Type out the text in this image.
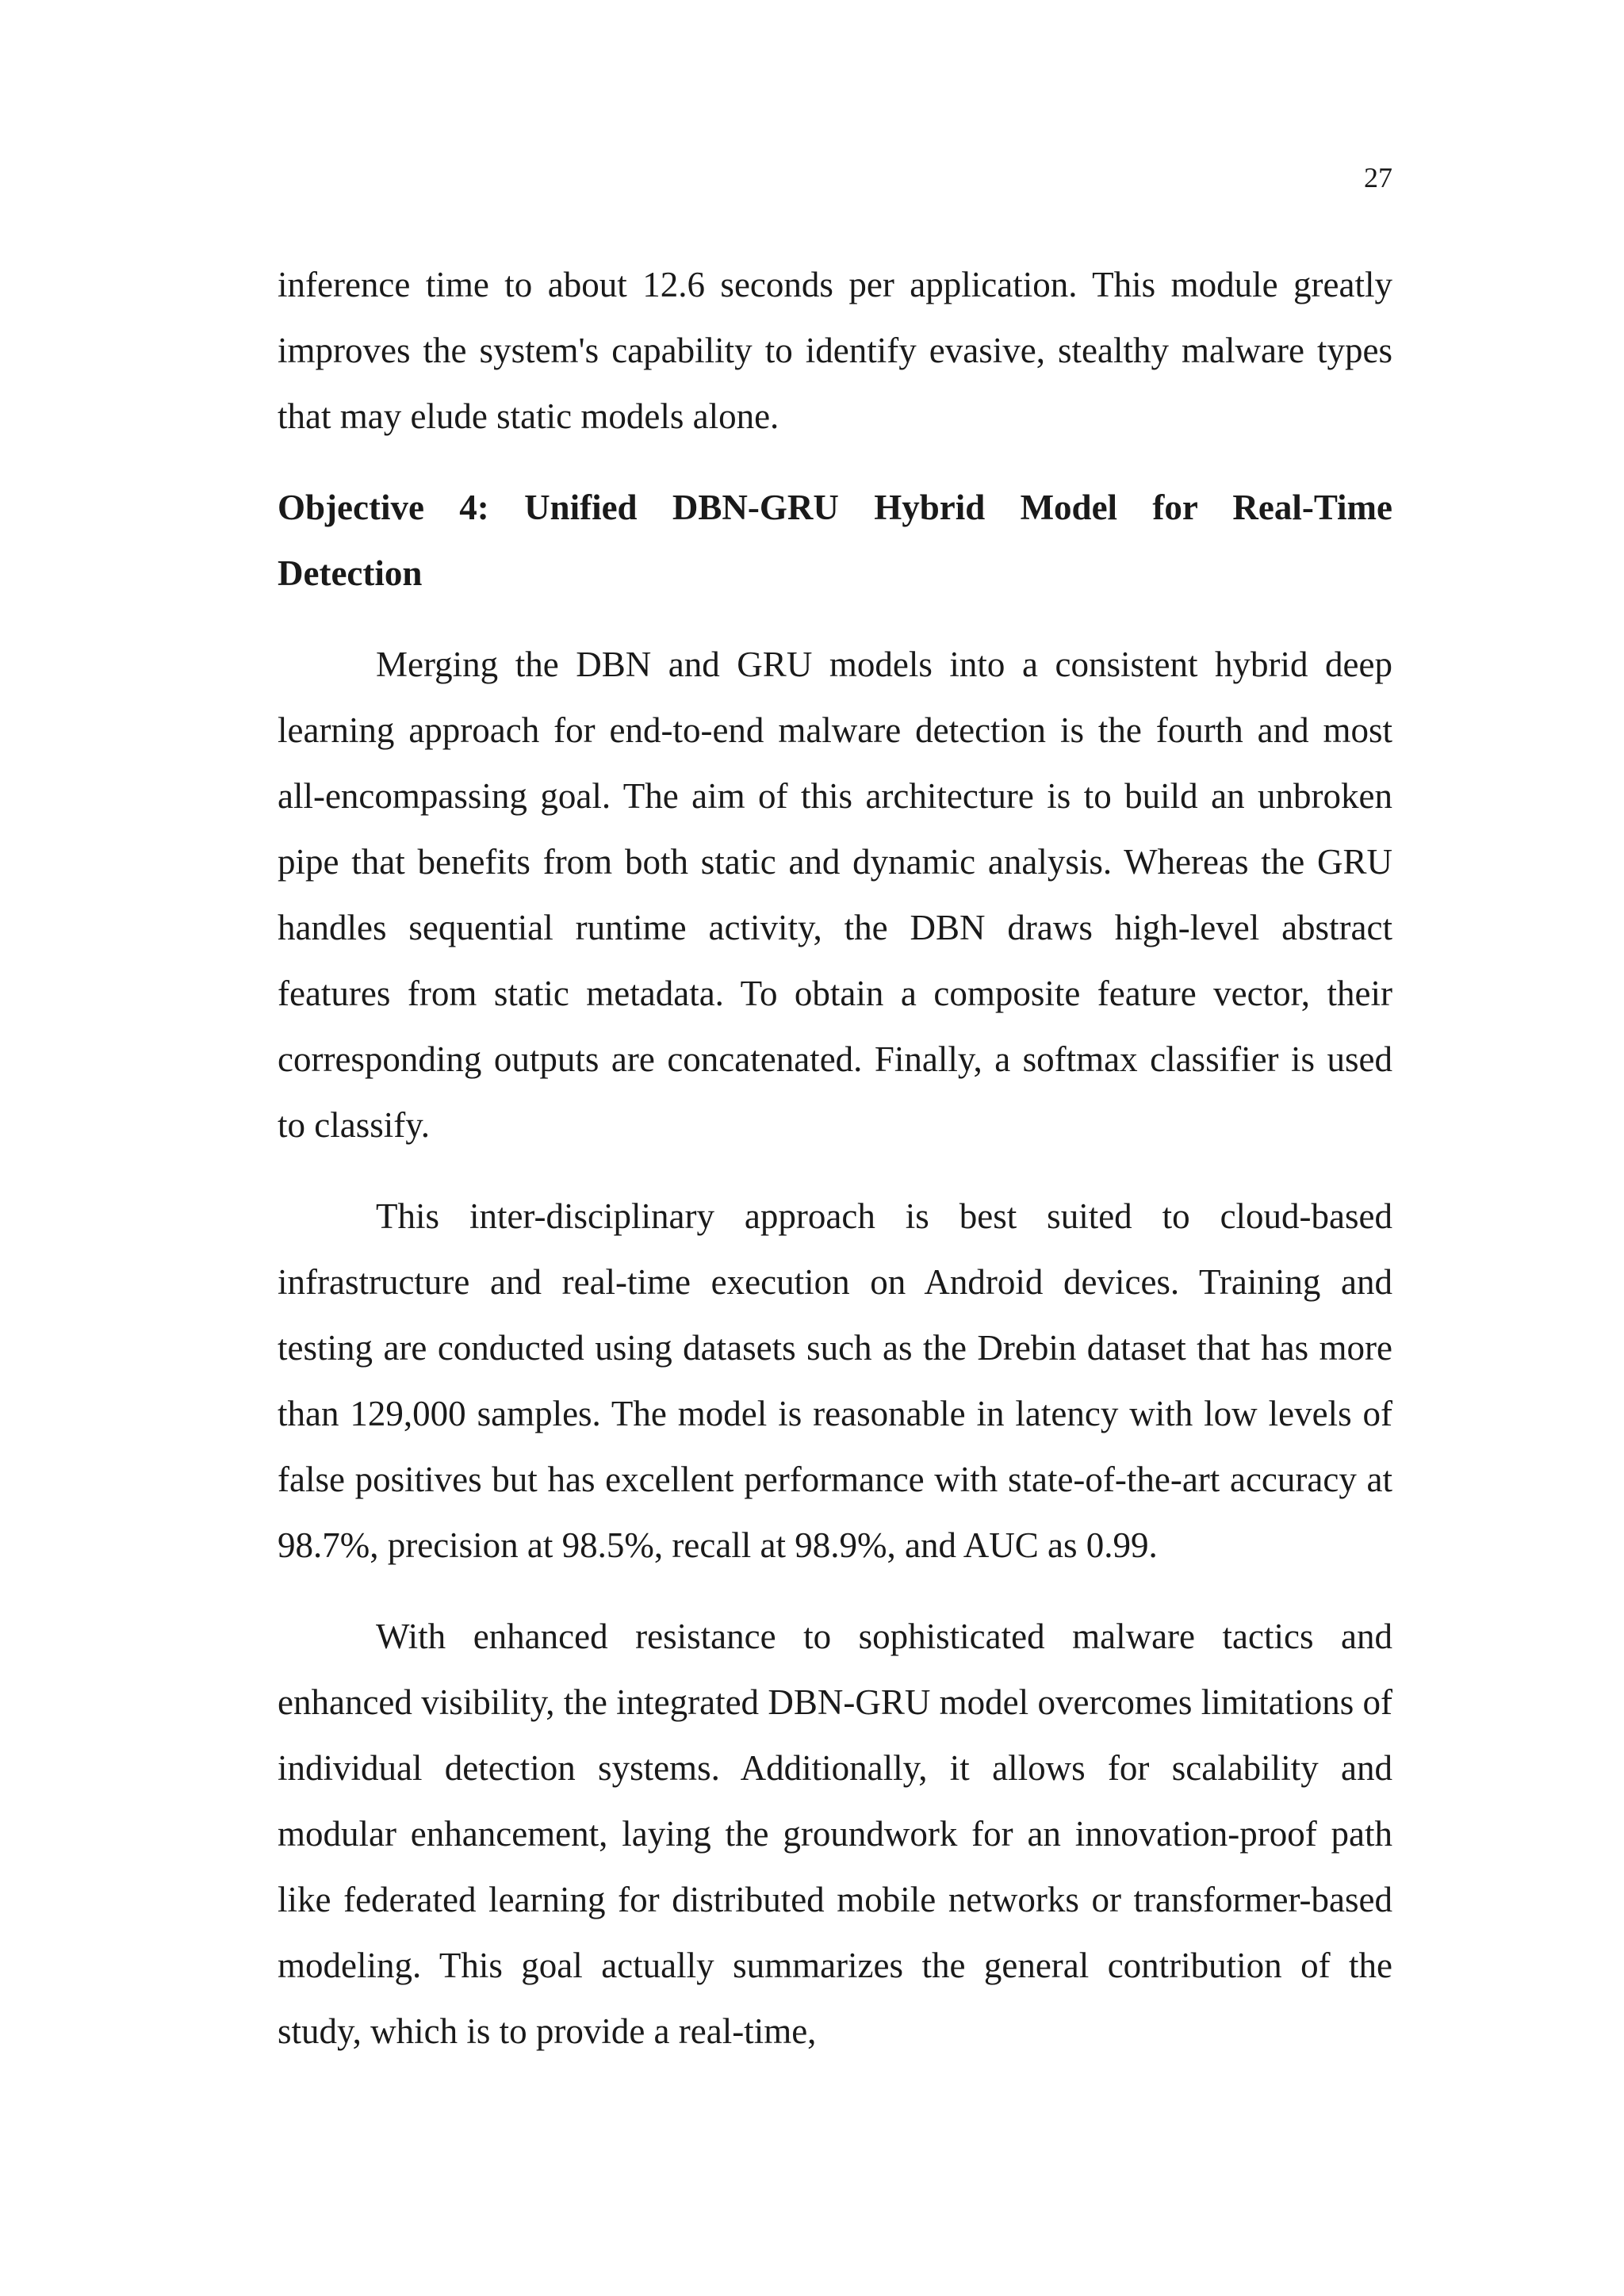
27

inference time to about 12.6 seconds per application. This module greatly improves the system's capability to identify evasive, stealthy malware types that may elude static models alone.

Objective 4: Unified DBN-GRU Hybrid Model for Real-Time
Detection

Merging the DBN and GRU models into a consistent hybrid deep learning approach for end-to-end malware detection is the fourth and most all-encompassing goal. The aim of this architecture is to build an unbroken pipe that benefits from both static and dynamic analysis. Whereas the GRU handles sequential runtime activity, the DBN draws high-level abstract features from static metadata. To obtain a composite feature vector, their corresponding outputs are concatenated. Finally, a softmax classifier is used to classify.

This inter-disciplinary approach is best suited to cloud-based infrastructure and real-time execution on Android devices. Training and testing are conducted using datasets such as the Drebin dataset that has more than 129,000 samples. The model is reasonable in latency with low levels of false positives but has excellent performance with state-of-the-art accuracy at 98.7%, precision at 98.5%, recall at 98.9%, and AUC as 0.99.

With enhanced resistance to sophisticated malware tactics and enhanced visibility, the integrated DBN-GRU model overcomes limitations of individual detection systems. Additionally, it allows for scalability and modular enhancement, laying the groundwork for an innovation-proof path like federated learning for distributed mobile networks or transformer-based modeling. This goal actually summarizes the general contribution of the study, which is to provide a real-time,
